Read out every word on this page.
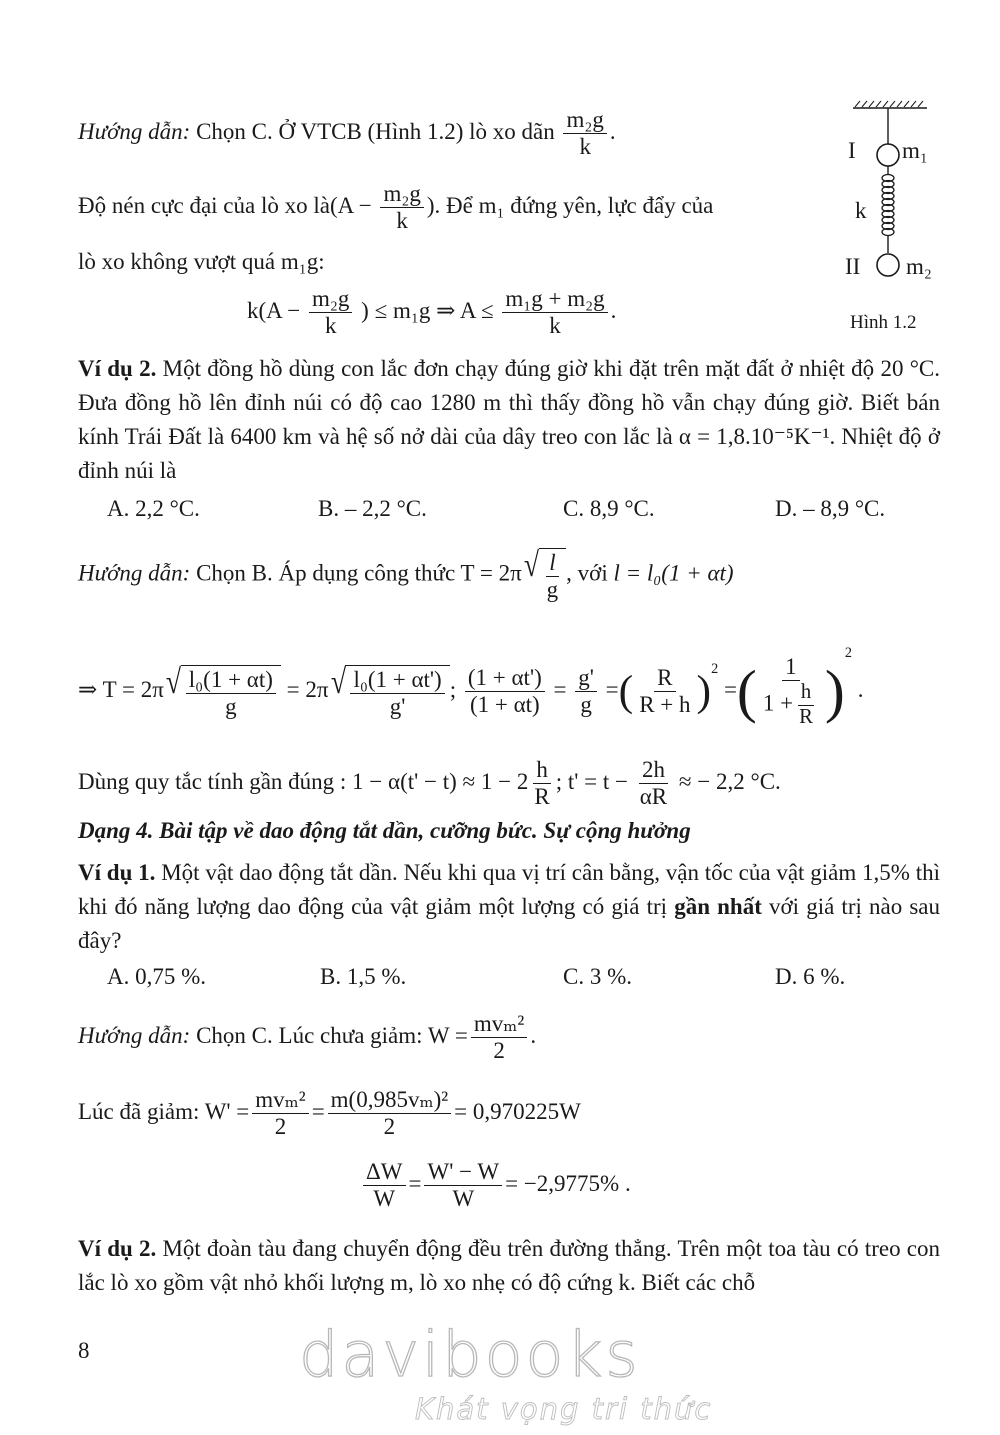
I m₁
k
II m₂
Hình 1.2
Hướng dẫn: Chọn C. Ở VTCB (Hình 1.2) lò xo dãn $\frac{\text{m₂g}}{k}$ .
Độ nén cực đại của lò xo là(A − $\frac{\text{m₂g}}{k}$ ). Để m₁ đứng yên, lực đẩy của
lò xo không vượt quá m₁g:
$k(A - \frac{\text{m₂g}}{k}$ ) ≤ m₁g ⇒ $A \le \frac{\text{m₁g + m₂g}}{k}$ .
Ví dụ 2. Một đồng hồ dùng con lắc đơn chạy đúng giờ khi đặt trên mặt đất ở nhiệt độ 20 °C. Đưa đồng hồ lên đỉnh núi có độ cao 1280 m thì thấy đồng hồ vẫn chạy đúng giờ. Biết bán kính Trái Đất là 6400 km và hệ số nở dài của dây treo con lắc là α = 1,8.10⁻⁵K⁻¹. Nhiệt độ ở đỉnh núi là
A. 2,2 °C.	B. – 2,2 °C.	C. 8,9 °C.	D. – 8,9 °C.
Hướng dẫn: Chọn B. Áp dụng công thức T = 2π √ $\frac{l}{g}$ , với l = l₀(1 + αt)
⇒ T = 2π √ $\frac{\text{l₀(1 + αt)}}{g} = 2\pi$ √ $\frac{\text{l₀(1 + αt')}}{g'}$ ; $\frac{(1 + \alpha t')}{(1 + \alpha t)} = \frac{g'}{g}$ =( $\frac{R}{R + h} )^2$ =( $\frac{1}{1 + \frac{h}{R}} )^2$ .
Dùng quy tắc tính gần đúng : $1 - \alpha(t' - t) \approx 1 - 2 \frac{h}{R}$ ; $t' = t - \frac{2h}{\alpha R}$ ≈ − 2,2 °C.
Dạng 4. Bài tập về dao động tắt dần, cưỡng bức. Sự cộng hưởng
Ví dụ 1. Một vật dao động tắt dần. Nếu khi qua vị trí cân bằng, vận tốc của vật giảm 1,5% thì khi đó năng lượng dao động của vật giảm một lượng có giá trị gần nhất với giá trị nào sau đây?
A. 0,75 %.	B. 1,5 %.	C. 3 %.	D. 6 %.
Hướng dẫn: Chọn C. Lúc chưa giảm: $W = \frac{\text{mvₘ²}}{2}$ .
Lúc đã giảm: $W' = \frac{\text{mvₘ²}}{2} = \frac{\text{m(0,985vₘ)²}}{2} = 0,970225W$
$\frac{\Delta W}{W} = \frac{W' - W}{W} = -2,9775\%$ .
Ví dụ 2. Một đoàn tàu đang chuyển động đều trên đường thẳng. Trên một toa tàu có treo con lắc lò xo gồm vật nhỏ khối lượng m, lò xo nhẹ có độ cứng k. Biết các chỗ
8	davibooks
Khát vọng tri thức
